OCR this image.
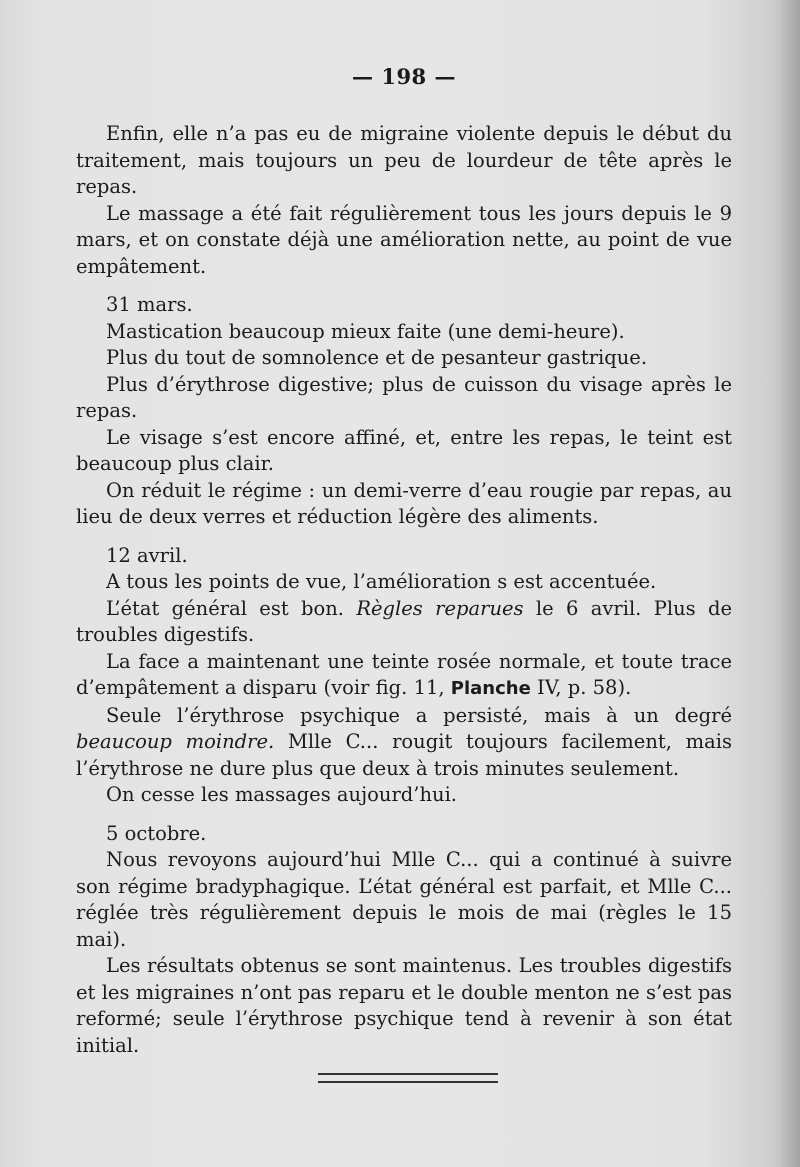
— 198 —

Enfin, elle n’a pas eu de migraine violente depuis le début du traitement, mais toujours un peu de lourdeur de tête après le repas.

Le massage a été fait régulièrement tous les jours depuis le 9 mars, et on constate déjà une amélioration nette, au point de vue empâtement.

31 mars.

Mastication beaucoup mieux faite (une demi-heure).

Plus du tout de somnolence et de pesanteur gastrique.

Plus d’érythrose digestive; plus de cuisson du visage après le repas.

Le visage s’est encore affiné, et, entre les repas, le teint est beaucoup plus clair.

On réduit le régime : un demi-verre d’eau rougie par repas, au lieu de deux verres et réduction légère des aliments.

12 avril.

A tous les points de vue, l’amélioration s est accentuée.

L’état général est bon. Règles reparues le 6 avril. Plus de troubles digestifs.

La face a maintenant une teinte rosée normale, et toute trace d’empâtement a disparu (voir fig. 11, Planche IV, p. 58).

Seule l’érythrose psychique a persisté, mais à un degré beaucoup moindre. Mlle C... rougit toujours facilement, mais l’érythrose ne dure plus que deux à trois minutes seulement.

On cesse les massages aujourd’hui.

5 octobre.

Nous revoyons aujourd’hui Mlle C... qui a continué à suivre son régime bradyphagique. L’état général est parfait, et Mlle C... réglée très régulièrement depuis le mois de mai (règles le 15 mai).

Les résultats obtenus se sont maintenus. Les troubles digestifs et les migraines n’ont pas reparu et le double menton ne s’est pas reformé; seule l’érythrose psychique tend à revenir à son état initial.
